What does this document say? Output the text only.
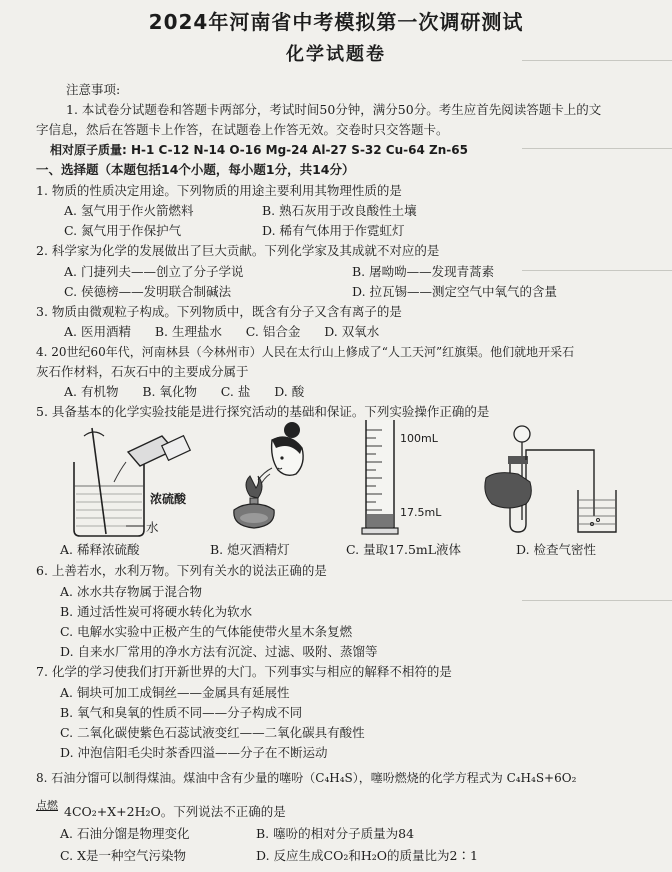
2024年河南省中考模拟第一次调研测试
化学试题卷
注意事项:
1. 本试卷分试题卷和答题卡两部分，考试时间50分钟，满分50分。考生应首先阅读答题卡上的文
字信息，然后在答题卡上作答，在试题卷上作答无效。交卷时只交答题卡。
相对原子质量: H-1 C-12 N-14 O-16 Mg-24 Al-27 S-32 Cu-64 Zn-65
一、选择题（本题包括14个小题，每小题1分，共14分）
1. 物质的性质决定用途。下列物质的用途主要利用其物理性质的是
A. 氢气用于作火箭燃料	B. 熟石灰用于改良酸性土壤
C. 氮气用于作保护气	D. 稀有气体用于作霓虹灯
2. 科学家为化学的发展做出了巨大贡献。下列化学家及其成就不对应的是
A. 门捷列夫——创立了分子学说	B. 屠呦呦——发现青蒿素
C. 侯德榜——发明联合制碱法	D. 拉瓦锡——测定空气中氧气的含量
3. 物质由微观粒子构成。下列物质中，既含有分子又含有离子的是
A. 医用酒精      B. 生理盐水      C. 铝合金      D. 双氧水
4. 20世纪60年代，河南林县（今林州市）人民在太行山上修成了“人工天河”红旗渠。他们就地开采石
灰石作材料，石灰石中的主要成分属于
A. 有机物      B. 氧化物      C. 盐      D. 酸
5. 具备基本的化学实验技能是进行探究活动的基础和保证。下列实验操作正确的是
浓硫酸
水
100mL
17.5mL
A. 稀释浓硫酸	B. 熄灭酒精灯	C. 量取17.5mL液体	D. 检查气密性
6. 上善若水，水利万物。下列有关水的说法正确的是
A. 冰水共存物属于混合物
B. 通过活性炭可将硬水转化为软水
C. 电解水实验中正极产生的气体能使带火星木条复燃
D. 自来水厂常用的净水方法有沉淀、过滤、吸附、蒸馏等
7. 化学的学习使我们打开新世界的大门。下列事实与相应的解释不相符的是
A. 铜块可加工成铜丝——金属具有延展性
B. 氧气和臭氧的性质不同——分子构成不同
C. 二氧化碳使紫色石蕊试液变红——二氧化碳具有酸性
D. 冲泡信阳毛尖时茶香四溢——分子在不断运动
8. 石油分馏可以制得煤油。煤油中含有少量的噻吩（C₄H₄S），噻吩燃烧的化学方程式为 C₄H₄S+6O₂
点燃 4CO₂+X+2H₂O。下列说法不正确的是
A. 石油分馏是物理变化	B. 噻吩的相对分子质量为84
C. X是一种空气污染物	D. 反应生成CO₂和H₂O的质量比为2∶1
